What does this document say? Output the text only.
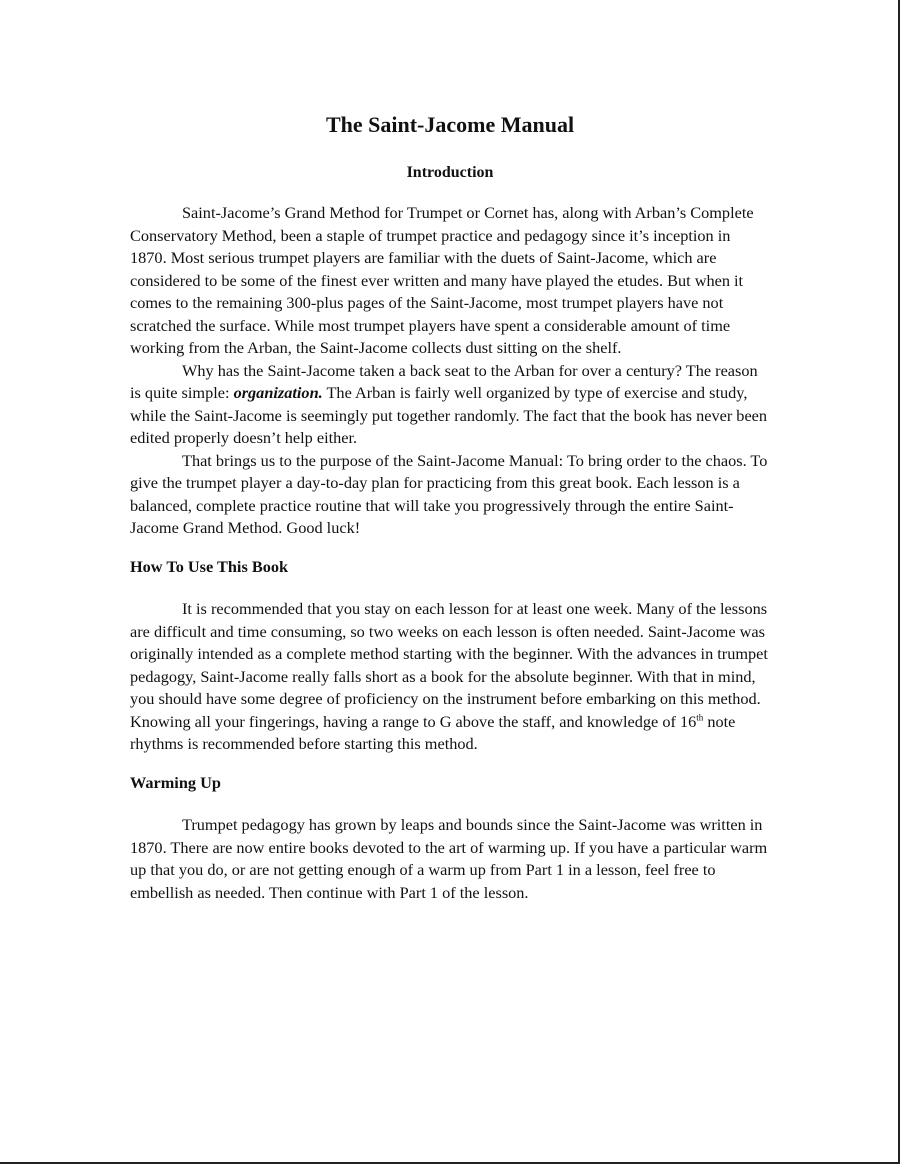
The Saint-Jacome Manual
Introduction

Saint-Jacome’s Grand Method for Trumpet or Cornet has, along with Arban’s Complete Conservatory Method, been a staple of trumpet practice and pedagogy since it’s inception in 1870. Most serious trumpet players are familiar with the duets of Saint-Jacome, which are considered to be some of the finest ever written and many have played the etudes. But when it comes to the remaining 300-plus pages of the Saint-Jacome, most trumpet players have not scratched the surface. While most trumpet players have spent a considerable amount of time working from the Arban, the Saint-Jacome collects dust sitting on the shelf.

Why has the Saint-Jacome taken a back seat to the Arban for over a century? The reason is quite simple: organization. The Arban is fairly well organized by type of exercise and study, while the Saint-Jacome is seemingly put together randomly. The fact that the book has never been edited properly doesn’t help either.

That brings us to the purpose of the Saint-Jacome Manual: To bring order to the chaos. To give the trumpet player a day-to-day plan for practicing from this great book. Each lesson is a balanced, complete practice routine that will take you progressively through the entire Saint-Jacome Grand Method. Good luck!

How To Use This Book

It is recommended that you stay on each lesson for at least one week. Many of the lessons are difficult and time consuming, so two weeks on each lesson is often needed. Saint-Jacome was originally intended as a complete method starting with the beginner. With the advances in trumpet pedagogy, Saint-Jacome really falls short as a book for the absolute beginner. With that in mind, you should have some degree of proficiency on the instrument before embarking on this method. Knowing all your fingerings, having a range to G above the staff, and knowledge of 16th note rhythms is recommended before starting this method.

Warming Up

Trumpet pedagogy has grown by leaps and bounds since the Saint-Jacome was written in 1870. There are now entire books devoted to the art of warming up. If you have a particular warm up that you do, or are not getting enough of a warm up from Part 1 in a lesson, feel free to embellish as needed. Then continue with Part 1 of the lesson.
